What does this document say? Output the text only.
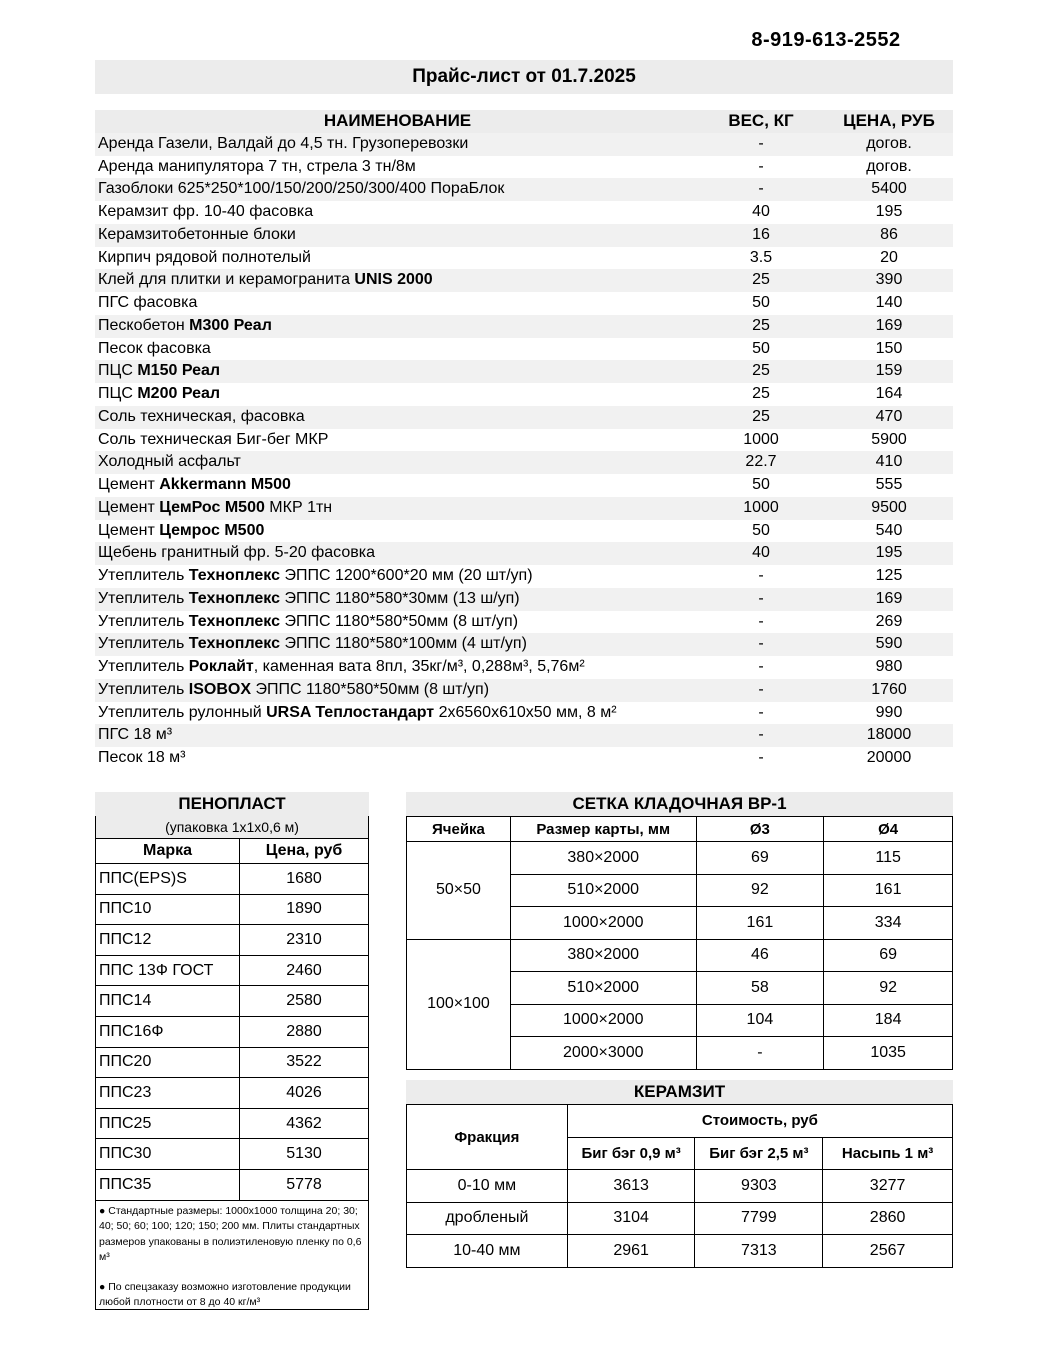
8-919-613-2552
Прайс-лист от 01.7.2025
НАИМЕНОВАНИЕ	ВЕС, КГ	ЦЕНА, РУБ
Аренда Газели, Валдай до 4,5 тн. Грузоперевозки	-	догов.
Аренда манипулятора 7 тн, стрела 3 тн/8м	-	догов.
Газоблоки 625*250*100/150/200/250/300/400 ПораБлок	-	5400
Керамзит фр. 10-40 фасовка	40	195
Керамзитобетонные блоки	16	86
Кирпич рядовой полнотелый	3.5	20
Клей для плитки и керамогранита UNIS 2000	25	390
ПГС фасовка	50	140
Пескобетон М300 Реал	25	169
Песок фасовка	50	150
ПЦС М150 Реал	25	159
ПЦС М200 Реал	25	164
Соль техническая, фасовка	25	470
Соль техническая Биг-бег МКР	1000	5900
Холодный асфальт	22.7	410
Цемент Akkermann М500	50	555
Цемент ЦемРос М500 МКР 1тн	1000	9500
Цемент Цемрос М500	50	540
Щебень гранитный фр. 5-20 фасовка	40	195
Утеплитель Техноплекс ЭППС 1200*600*20 мм (20 шт/уп)	-	125
Утеплитель Техноплекс ЭППС 1180*580*30мм (13 ш/уп)	-	169
Утеплитель Техноплекс ЭППС 1180*580*50мм (8 шт/уп)	-	269
Утеплитель Техноплекс ЭППС 1180*580*100мм (4 шт/уп)	-	590
Утеплитель Роклайт, каменная вата 8пл, 35кг/м³, 0,288м³, 5,76м²	-	980
Утеплитель ISOBOX ЭППС 1180*580*50мм (8 шт/уп)	-	1760
Утеплитель рулонный URSA Теплостандарт 2х6560х610х50 мм, 8 м²	-	990
ПГС 18 м³	-	18000
Песок 18 м³	-	20000
ПЕНОПЛАСТ
(упаковка 1х1х0,6 м)
Марка	Цена, руб
ППС(EPS)S	1680
ППС10	1890
ППС12	2310
ППС 13Ф ГОСТ	2460
ППС14	2580
ППС16Ф	2880
ППС20	3522
ППС23	4026
ППС25	4362
ППС30	5130
ППС35	5778
● Стандартные размеры: 1000х1000 толщина 20; 30; 40; 50; 60; 100; 120; 150; 200 мм. Плиты стандартных размеров упакованы в полиэтиленовую пленку по 0,6 м³
● По спецзаказу возможно изготовление продукции любой плотности от 8 до 40 кг/м³
СЕТКА КЛАДОЧНАЯ ВР-1
Ячейка	Размер карты, мм	Ø3	Ø4
50×50	380×2000	69	115
	510×2000	92	161
	1000×2000	161	334
100×100	380×2000	46	69
	510×2000	58	92
	1000×2000	104	184
	2000×3000	-	1035
КЕРАМЗИТ
Фракция	Стоимость, руб		
	Биг бэг 0,9 м³	Биг бэг 2,5 м³	Насыпь 1 м³
0-10 мм	3613	9303	3277
дробленый	3104	7799	2860
10-40 мм	2961	7313	2567
